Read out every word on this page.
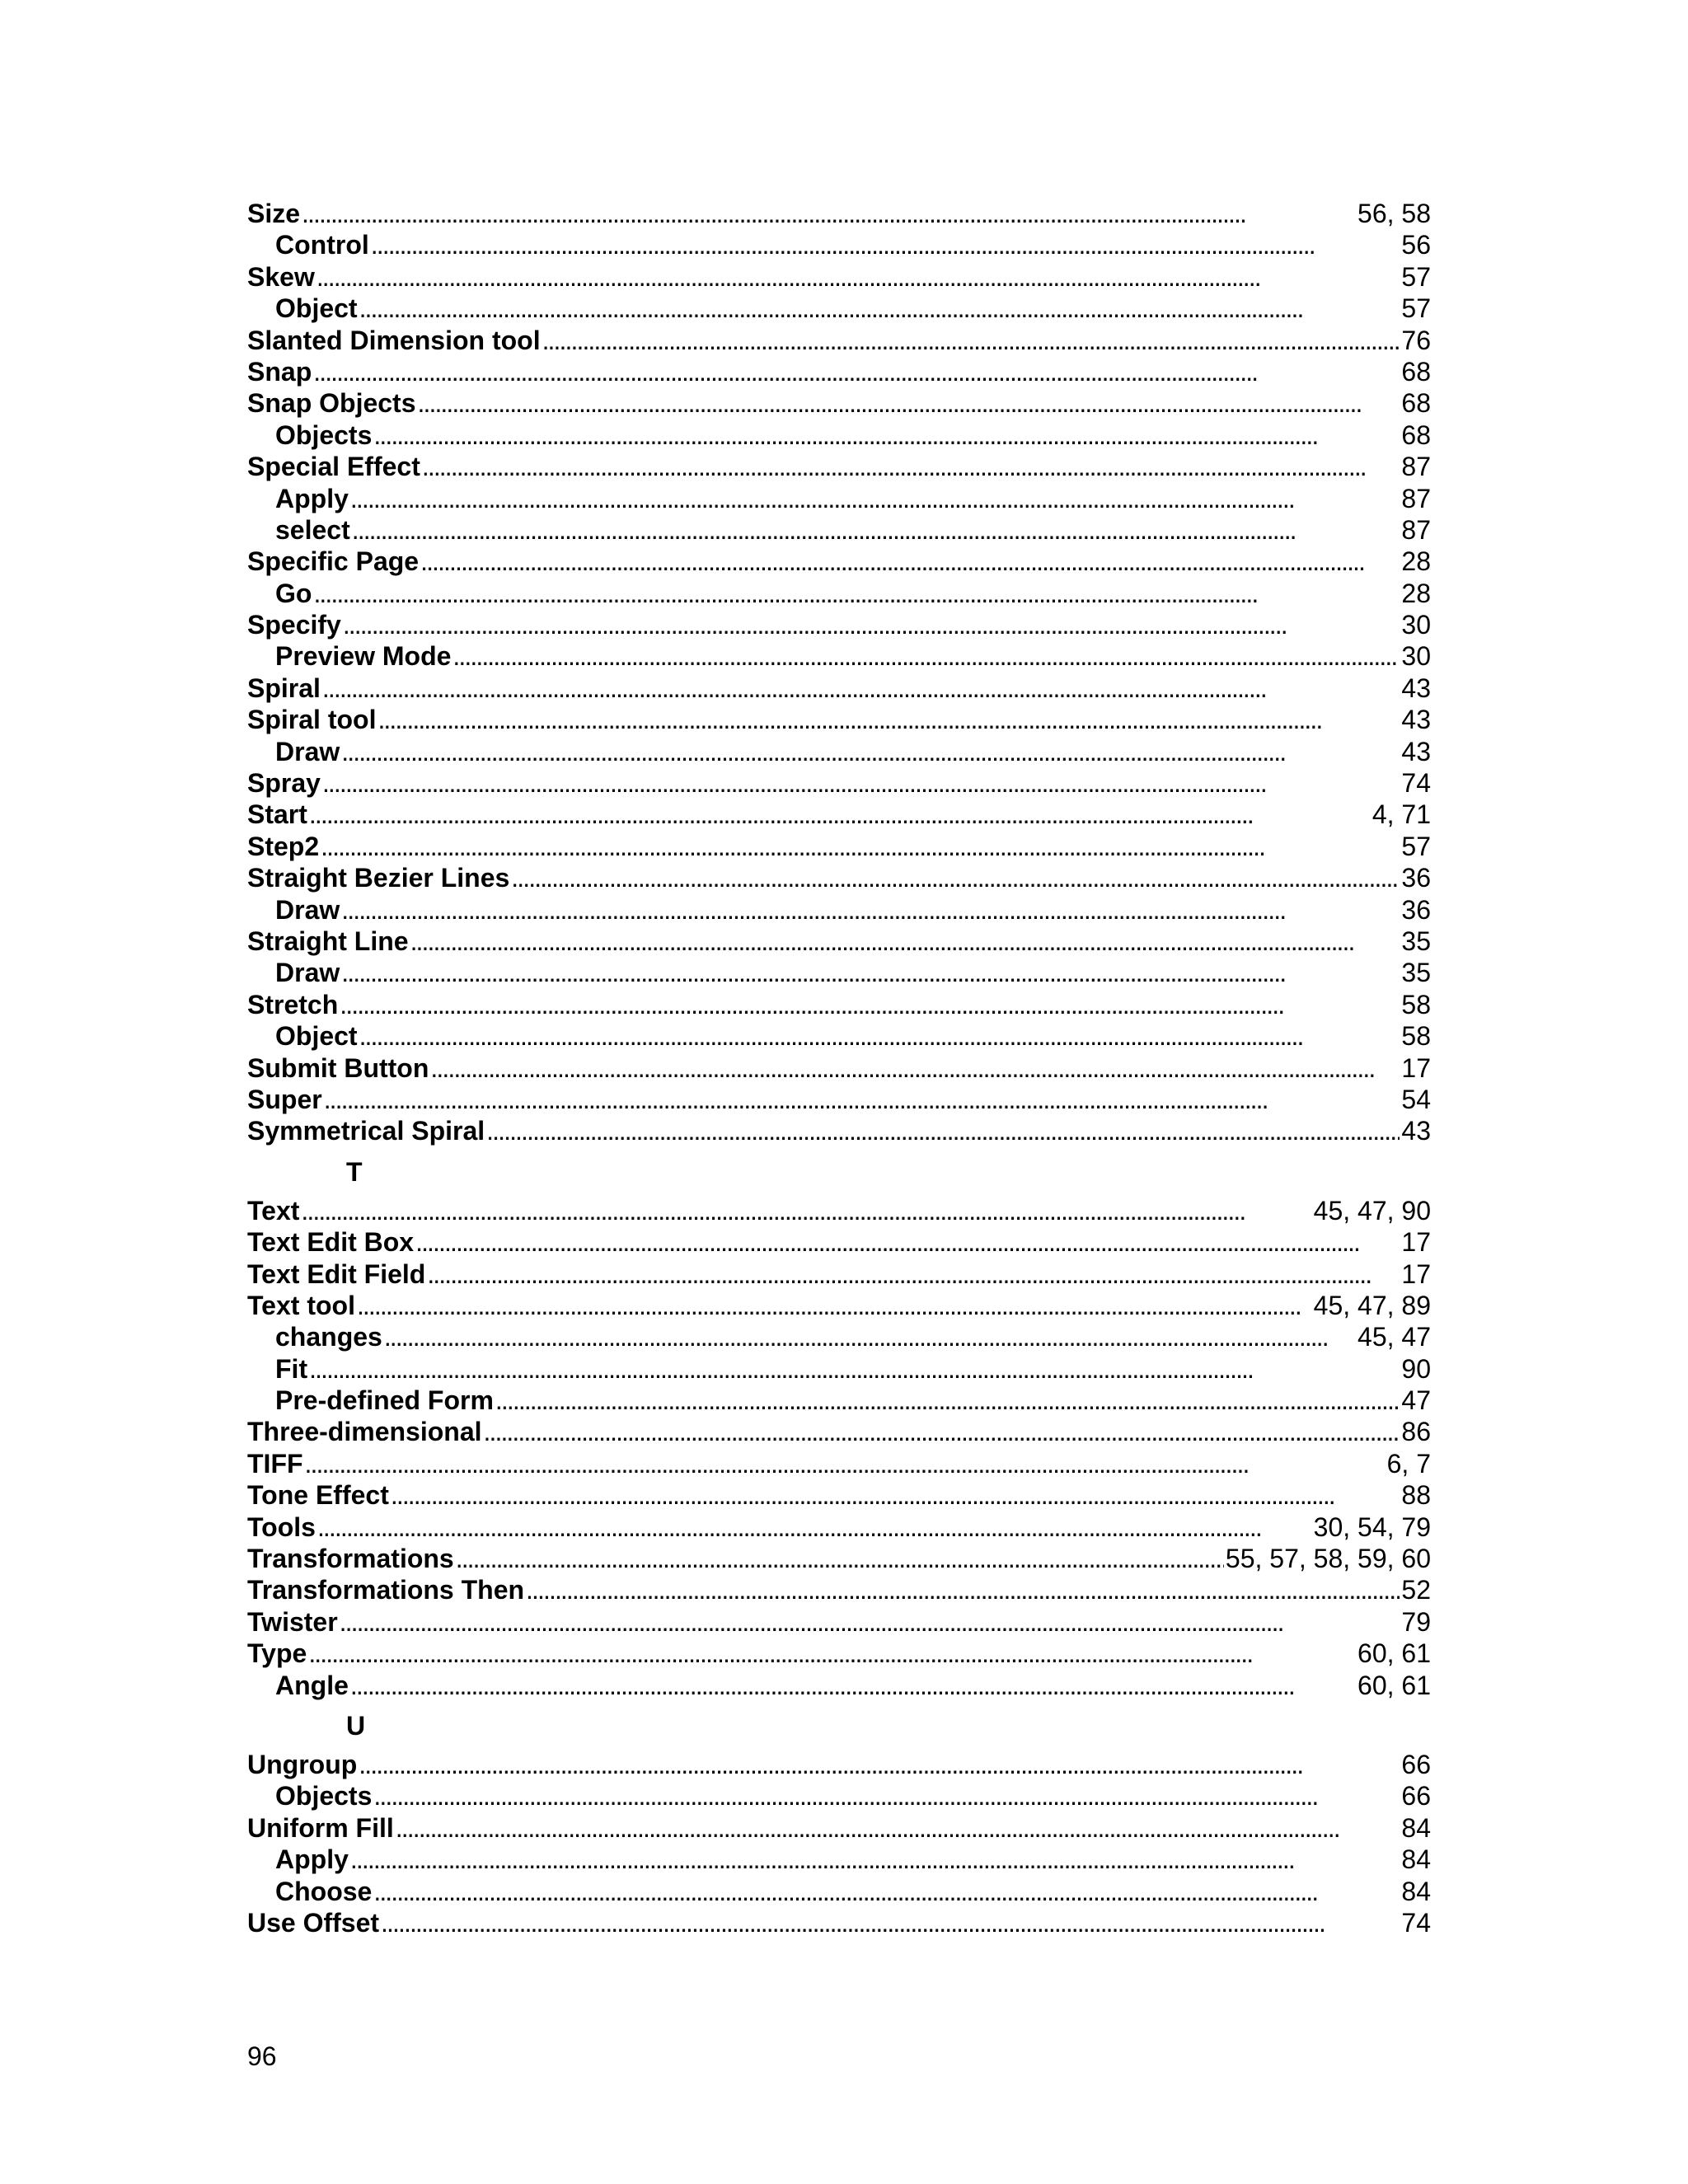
Size . . .	56, 58
Control . . .	56
Skew . . .	57
Object . . .	57
Slanted Dimension tool . . .	76
Snap . . .	68
Snap Objects . . .	68
Objects . . .	68
Special Effect . . .	87
Apply . . .	87
select . . .	87
Specific Page . . .	28
Go . . .	28
Specify . . .	30
Preview Mode . . .	30
Spiral . . .	43
Spiral tool . . .	43
Draw . . .	43
Spray . . .	74
Start . . .	4, 71
Step2 . . .	57
Straight Bezier Lines . . .	36
Draw . . .	36
Straight Line . . .	35
Draw . . .	35
Stretch . . .	58
Object . . .	58
Submit Button . . .	17
Super . . .	54
Symmetrical Spiral . . .	43
T
Text . . .	45, 47, 90
Text Edit Box . . .	17
Text Edit Field . . .	17
Text tool . . .	45, 47, 89
changes . . .	45, 47
Fit . . .	90
Pre-defined Form . . .	47
Three-dimensional . . .	86
TIFF . . .	6, 7
Tone Effect . . .	88
Tools . . .	30, 54, 79
Transformations . . .	55, 57, 58, 59, 60
Transformations Then . . .	52
Twister . . .	79
Type . . .	60, 61
Angle . . .	60, 61
U
Ungroup . . .	66
Objects . . .	66
Uniform Fill . . .	84
Apply . . .	84
Choose . . .	84
Use Offset . . .	74
96
